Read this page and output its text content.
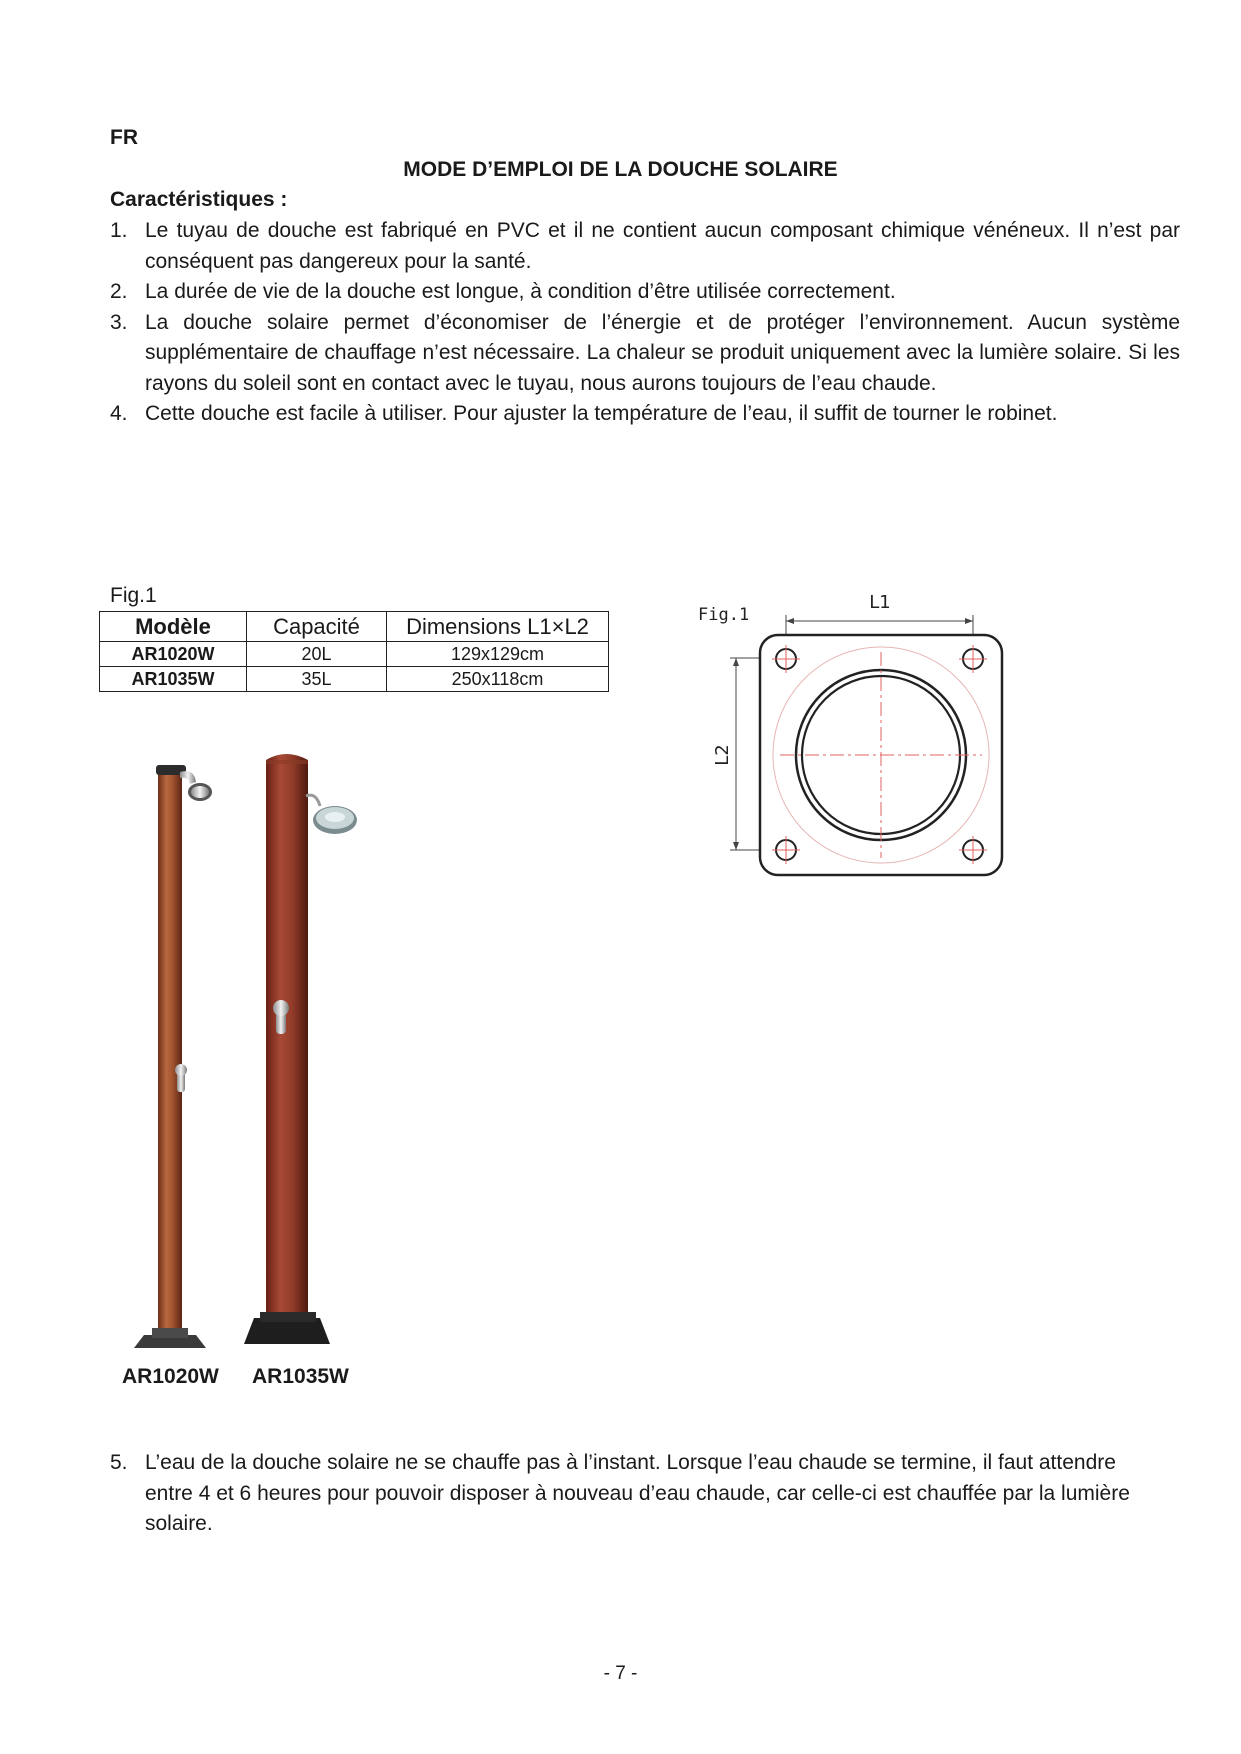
FR
MODE D’EMPLOI DE LA DOUCHE SOLAIRE
Caractéristiques :
1. Le tuyau de douche est fabriqué en PVC et il ne contient aucun composant chimique vénéneux. Il n’est par conséquent pas dangereux pour la santé.
2. La durée de vie de la douche est longue, à condition d’être utilisée correctement.
3. La douche solaire permet d’économiser de l’énergie et de protéger l’environnement. Aucun système supplémentaire de chauffage n’est nécessaire. La chaleur se produit uniquement avec la lumière solaire. Si les rayons du soleil sont en contact avec le tuyau, nous aurons toujours de l’eau chaude.
4. Cette douche est facile à utiliser. Pour ajuster la température de l’eau, il suffit de tourner le robinet.
Fig.1
Modèle	Capacité	Dimensions L1×L2
AR1020W	20L	129x129cm
AR1035W	35L	250x118cm
Fig.1
L1
L2
AR1020W AR1035W
5. L’eau de la douche solaire ne se chauffe pas à l’instant. Lorsque l’eau chaude se termine, il faut attendre entre 4 et 6 heures pour pouvoir disposer à nouveau d’eau chaude, car celle-ci est chauffée par la lumière solaire.
- 7 -
